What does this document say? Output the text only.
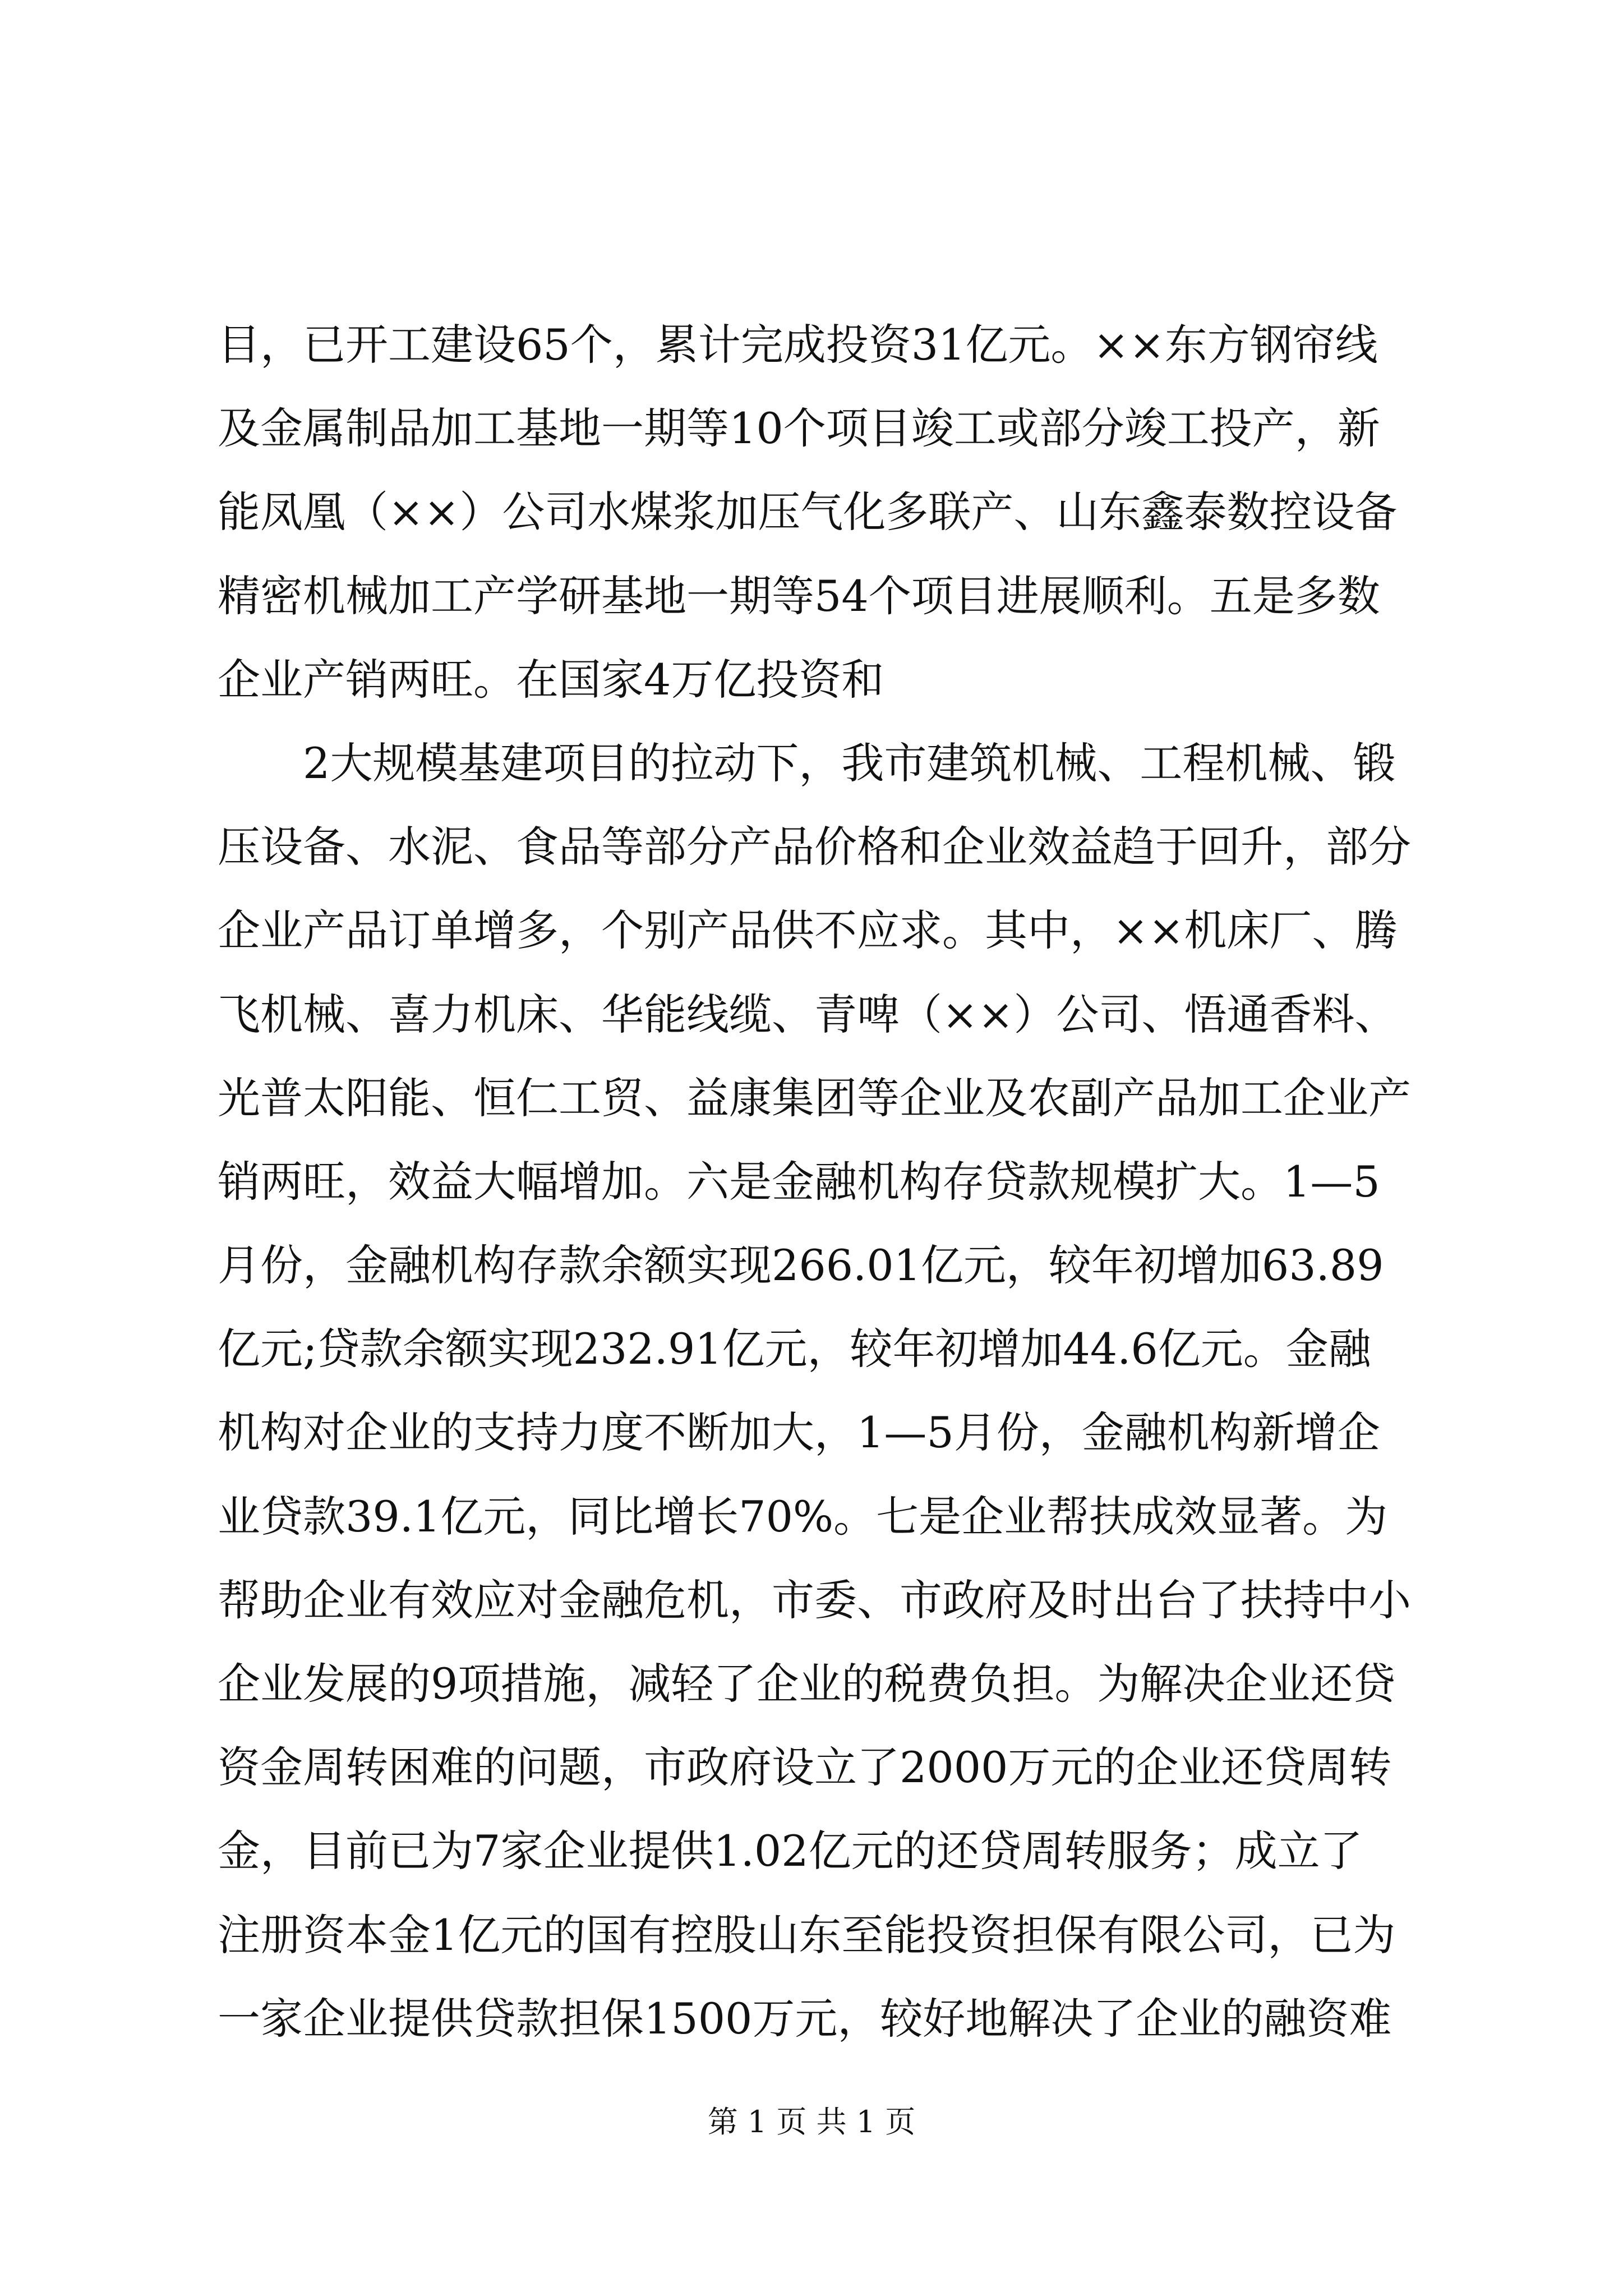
目，已开工建设65个，累计完成投资31亿元。××东方钢帘线
及金属制品加工基地一期等10个项目竣工或部分竣工投产，新
能凤凰（××）公司水煤浆加压气化多联产、山东鑫泰数控设备
精密机械加工产学研基地一期等54个项目进展顺利。五是多数
企业产销两旺。在国家4万亿投资和
2大规模基建项目的拉动下，我市建筑机械、工程机械、锻
压设备、水泥、食品等部分产品价格和企业效益趋于回升，部分
企业产品订单增多，个别产品供不应求。其中，××机床厂、腾
飞机械、喜力机床、华能线缆、青啤（××）公司、悟通香料、
光普太阳能、恒仁工贸、益康集团等企业及农副产品加工企业产
销两旺，效益大幅增加。六是金融机构存贷款规模扩大。1—5
月份，金融机构存款余额实现266.01亿元，较年初增加63.89
亿元;贷款余额实现232.91亿元，较年初增加44.6亿元。金融
机构对企业的支持力度不断加大，1—5月份，金融机构新增企
业贷款39.1亿元，同比增长70%。七是企业帮扶成效显著。为
帮助企业有效应对金融危机，市委、市政府及时出台了扶持中小
企业发展的9项措施，减轻了企业的税费负担。为解决企业还贷
资金周转困难的问题，市政府设立了2000万元的企业还贷周转
金，目前已为7家企业提供1.02亿元的还贷周转服务；成立了
注册资本金1亿元的国有控股山东至能投资担保有限公司，已为
一家企业提供贷款担保1500万元，较好地解决了企业的融资难
第 1 页 共 1 页
